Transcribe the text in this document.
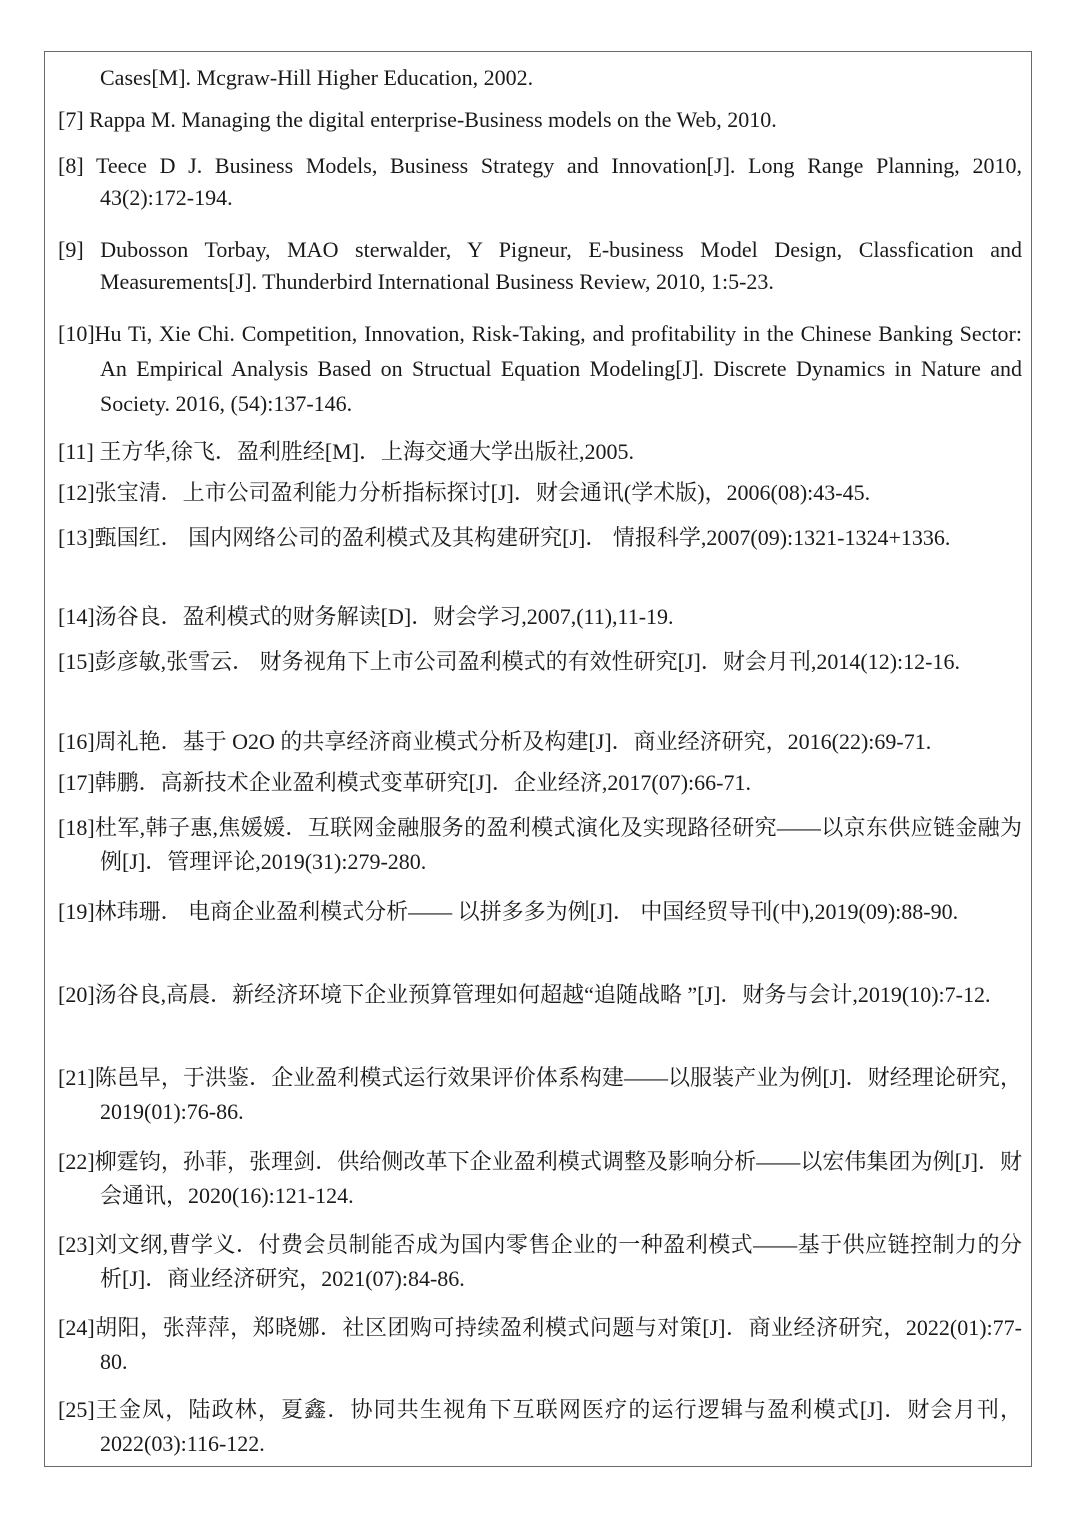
Cases[M]. Mcgraw-Hill Higher Education, 2002.
[7] Rappa M. Managing the digital enterprise-Business models on the Web, 2010.
[8] Teece D J. Business Models, Business Strategy and Innovation[J]. Long Range Planning, 2010, 43(2):172-194.
[9] Dubosson Torbay, MAO sterwalder, Y Pigneur, E-business Model Design, Classfication and Measurements[J]. Thunderbird International Business Review, 2010, 1:5-23.
[10]Hu Ti, Xie Chi. Competition, Innovation, Risk-Taking, and profitability in the Chinese Banking Sector: An Empirical Analysis Based on Structual Equation Modeling[J]. Discrete Dynamics in Nature and Society. 2016, (54):137-146.
[11] 王方华,徐飞．盈利胜经[M]．上海交通大学出版社,2005.
[12]张宝清．上市公司盈利能力分析指标探讨[J]．财会通讯(学术版)，2006(08):43-45.
[13]甄国红． 国内网络公司的盈利模式及其构建研究[J]． 情报科学,2007(09):1321-1324+1336.
[14]汤谷良．盈利模式的财务解读[D]．财会学习,2007,(11),11-19.
[15]彭彦敏,张雪云． 财务视角下上市公司盈利模式的有效性研究[J]．财会月刊,2014(12):12-16.
[16]周礼艳．基于 O2O 的共享经济商业模式分析及构建[J]．商业经济研究，2016(22):69-71.
[17]韩鹏．高新技术企业盈利模式变革研究[J]．企业经济,2017(07):66-71.
[18]杜军,韩子惠,焦媛媛．互联网金融服务的盈利模式演化及实现路径研究——以京东供应链金融为例[J]．管理评论,2019(31):279-280.
[19]林玮珊． 电商企业盈利模式分析—— 以拼多多为例[J]． 中国经贸导刊(中),2019(09):88-90.
[20]汤谷良,高晨．新经济环境下企业预算管理如何超越“追随战略 ”[J]．财务与会计,2019(10):7-12.
[21]陈邑早，于洪鉴．企业盈利模式运行效果评价体系构建——以服装产业为例[J]．财经理论研究，2019(01):76-86.
[22]柳霆钧，孙菲，张理剑．供给侧改革下企业盈利模式调整及影响分析——以宏伟集团为例[J]．财会通讯，2020(16):121-124.
[23]刘文纲,曹学义．付费会员制能否成为国内零售企业的一种盈利模式——基于供应链控制力的分析[J]．商业经济研究，2021(07):84-86.
[24]胡阳，张萍萍，郑晓娜．社区团购可持续盈利模式问题与对策[J]．商业经济研究，2022(01):77-80.
[25]王金凤，陆政林，夏鑫．协同共生视角下互联网医疗的运行逻辑与盈利模式[J]．财会月刊，2022(03):116-122.
